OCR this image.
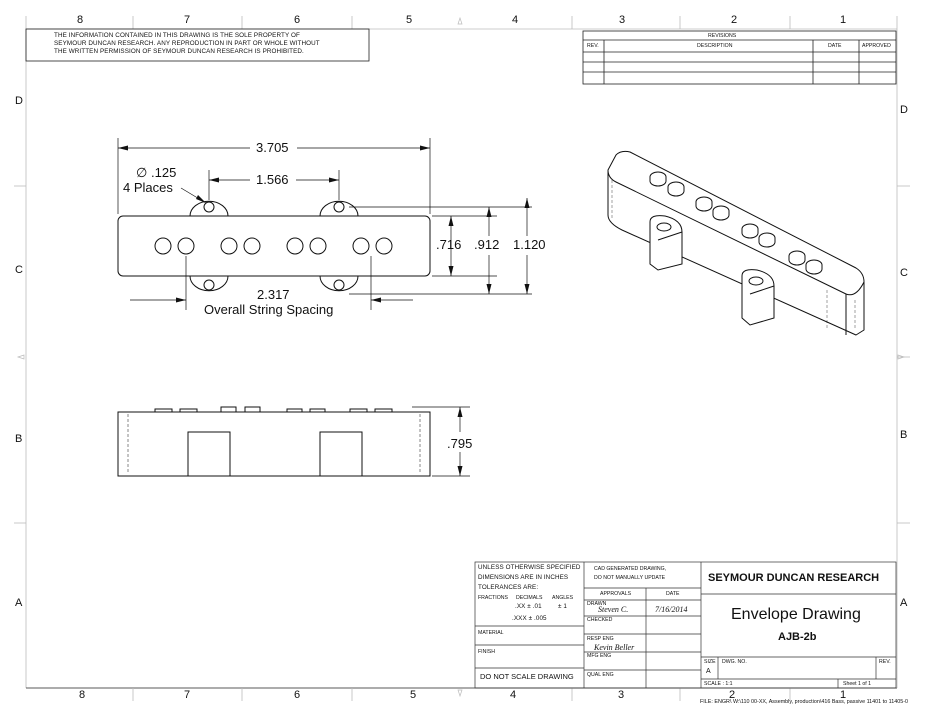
8	7	6	5	4	3	2	1
8	7	6	5	4	3	2	1
D
C
B
A
D
C
B
A
THE INFORMATION CONTAINED IN THIS DRAWING IS THE SOLE PROPERTY OF
SEYMOUR DUNCAN RESEARCH. ANY REPRODUCTION IN PART OR WHOLE WITHOUT
THE WRITTEN PERMISSION OF SEYMOUR DUNCAN RESEARCH IS PROHIBITED.
REVISIONS
REV.	DESCRIPTION	DATE	APPROVED
3.705
∅ .125
4 Places
1.566
.716 .912 1.120
2.317
Overall String Spacing
.795
UNLESS OTHERWISE SPECIFIED
DIMENSIONS ARE IN INCHES
TOLERANCES ARE:
FRACTIONS DECIMALS ANGLES
.XX ± .01	± 1
.XXX ± .005
MATERIAL
FINISH
DO NOT SCALE DRAWING
CAD GENERATED DRAWING,
DO NOT MANUALLY UPDATE
APPROVALS	DATE
DRAWN
Steven C.	7/16/2014
CHECKED
RESP ENG
Kevin Beller
MFG ENG
QUAL ENG
SEYMOUR DUNCAN RESEARCH
Envelope Drawing
AJB-2b
SIZE
A
DWG. NO.	REV.
SCALE : 1:1	Sheet 1 of 1
FILE: ENGR\ W:\110 00-XX, Assembly, production\416 Bass, passive 11401 to 11405-0
